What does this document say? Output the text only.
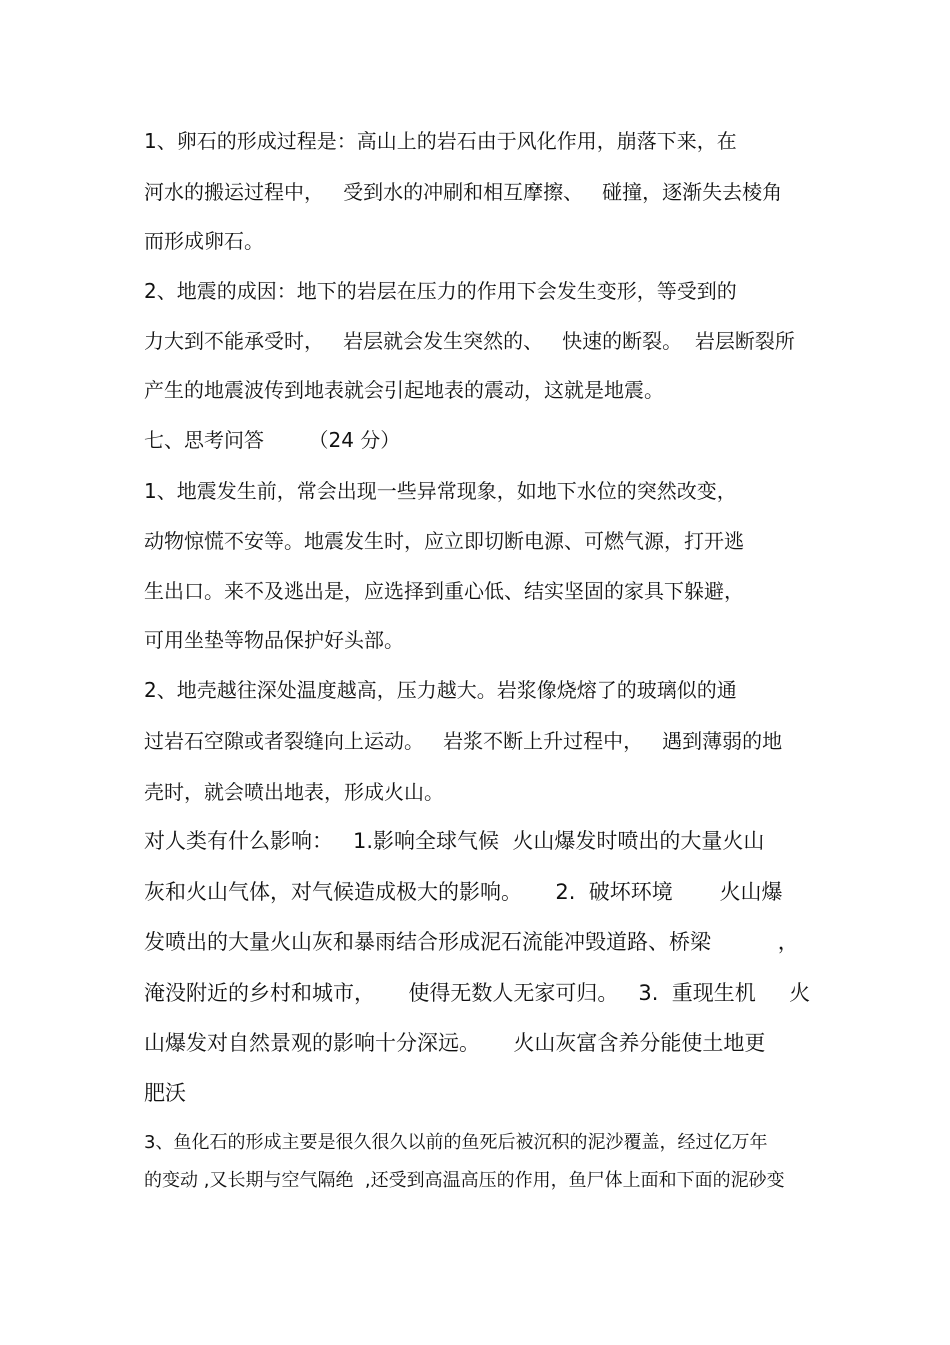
1、卵石的形成过程是：高山上的岩石由于风化作用，崩落下来，在
河水的搬运过程中，   受到水的冲刷和相互摩擦、   碰撞，逐渐失去棱角
而形成卵石。
2、地震的成因：地下的岩层在压力的作用下会发生变形，等受到的
力大到不能承受时，   岩层就会发生突然的、   快速的断裂。  岩层断裂所
产生的地震波传到地表就会引起地表的震动，这就是地震。
七、思考问答       （24 分）
1、地震发生前，常会出现一些异常现象，如地下水位的突然改变，
动物惊慌不安等。地震发生时，应立即切断电源、可燃气源，打开逃
生出口。来不及逃出是，应选择到重心低、结实坚固的家具下躲避，
可用坐垫等物品保护好头部。
2、地壳越往深处温度越高，压力越大。岩浆像烧熔了的玻璃似的通
过岩石空隙或者裂缝向上运动。   岩浆不断上升过程中，   遇到薄弱的地
壳时，就会喷出地表，形成火山。
对人类有什么影响：   1.影响全球气候  火山爆发时喷出的大量火山
灰和火山气体，对气候造成极大的影响。     2.  破坏环境       火山爆
发喷出的大量火山灰和暴雨结合形成泥石流能冲毁道路、桥梁          ，
淹没附近的乡村和城市，     使得无数人无家可归。   3.  重现生机     火
山爆发对自然景观的影响十分深远。     火山灰富含养分能使土地更
肥沃
3、鱼化石的形成主要是很久很久以前的鱼死后被沉积的泥沙覆盖，经过亿万年
的变动 ,又长期与空气隔绝  ,还受到高温高压的作用，鱼尸体上面和下面的泥砂变
